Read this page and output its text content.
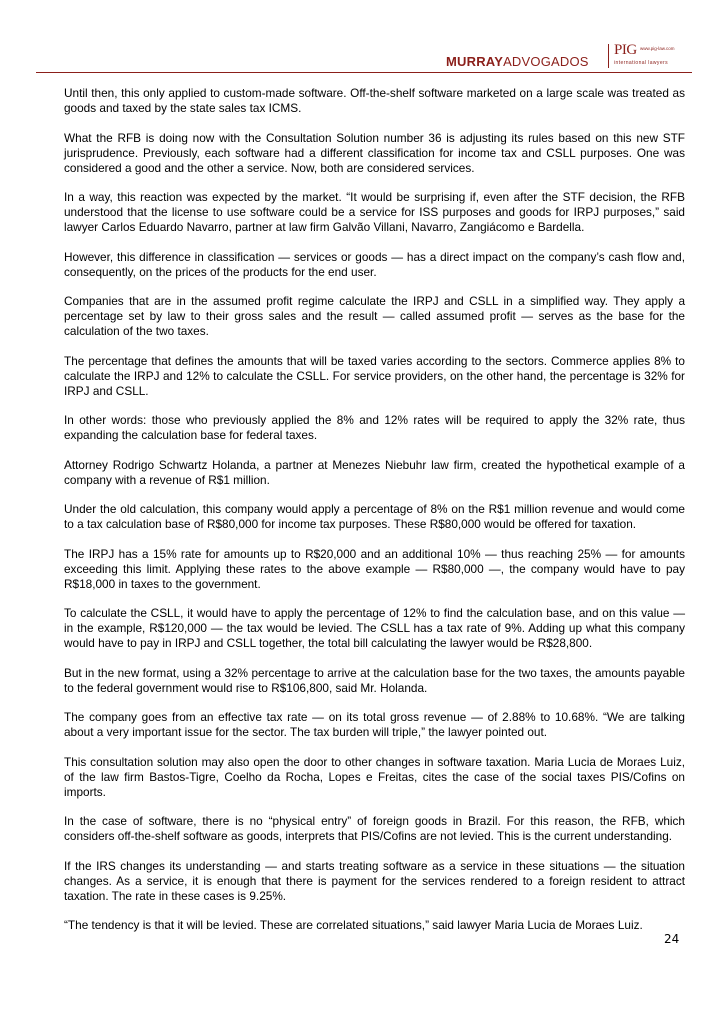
MURRAYADVOGADOS
PIG www.pig-law.com
international lawyers

Until then, this only applied to custom-made software. Off-the-shelf software marketed on a large scale was treated as goods and taxed by the state sales tax ICMS.

What the RFB is doing now with the Consultation Solution number 36 is adjusting its rules based on this new STF jurisprudence. Previously, each software had a different classification for income tax and CSLL purposes. One was considered a good and the other a service. Now, both are considered services.

In a way, this reaction was expected by the market. “It would be surprising if, even after the STF decision, the RFB understood that the license to use software could be a service for ISS purposes and goods for IRPJ purposes,” said lawyer Carlos Eduardo Navarro, partner at law firm Galvão Villani, Navarro, Zangiácomo e Bardella.

However, this difference in classification — services or goods — has a direct impact on the company’s cash flow and, consequently, on the prices of the products for the end user.

Companies that are in the assumed profit regime calculate the IRPJ and CSLL in a simplified way. They apply a percentage set by law to their gross sales and the result — called assumed profit — serves as the base for the calculation of the two taxes.

The percentage that defines the amounts that will be taxed varies according to the sectors. Commerce applies 8% to calculate the IRPJ and 12% to calculate the CSLL. For service providers, on the other hand, the percentage is 32% for IRPJ and CSLL.

In other words: those who previously applied the 8% and 12% rates will be required to apply the 32% rate, thus expanding the calculation base for federal taxes.

Attorney Rodrigo Schwartz Holanda, a partner at Menezes Niebuhr law firm, created the hypothetical example of a company with a revenue of R$1 million.

Under the old calculation, this company would apply a percentage of 8% on the R$1 million revenue and would come to a tax calculation base of R$80,000 for income tax purposes. These R$80,000 would be offered for taxation.

The IRPJ has a 15% rate for amounts up to R$20,000 and an additional 10% — thus reaching 25% — for amounts exceeding this limit. Applying these rates to the above example — R$80,000 —, the company would have to pay R$18,000 in taxes to the government.

To calculate the CSLL, it would have to apply the percentage of 12% to find the calculation base, and on this value — in the example, R$120,000 — the tax would be levied. The CSLL has a tax rate of 9%. Adding up what this company would have to pay in IRPJ and CSLL together, the total bill calculating the lawyer would be R$28,800.

But in the new format, using a 32% percentage to arrive at the calculation base for the two taxes, the amounts payable to the federal government would rise to R$106,800, said Mr. Holanda.

The company goes from an effective tax rate — on its total gross revenue — of 2.88% to 10.68%. “We are talking about a very important issue for the sector. The tax burden will triple,” the lawyer pointed out.

This consultation solution may also open the door to other changes in software taxation. Maria Lucia de Moraes Luiz, of the law firm Bastos-Tigre, Coelho da Rocha, Lopes e Freitas, cites the case of the social taxes PIS/Cofins on imports.

In the case of software, there is no “physical entry” of foreign goods in Brazil. For this reason, the RFB, which considers off-the-shelf software as goods, interprets that PIS/Cofins are not levied. This is the current understanding.

If the IRS changes its understanding — and starts treating software as a service in these situations — the situation changes. As a service, it is enough that there is payment for the services rendered to a foreign resident to attract taxation. The rate in these cases is 9.25%.

“The tendency is that it will be levied. These are correlated situations,” said lawyer Maria Lucia de Moraes Luiz.

24
